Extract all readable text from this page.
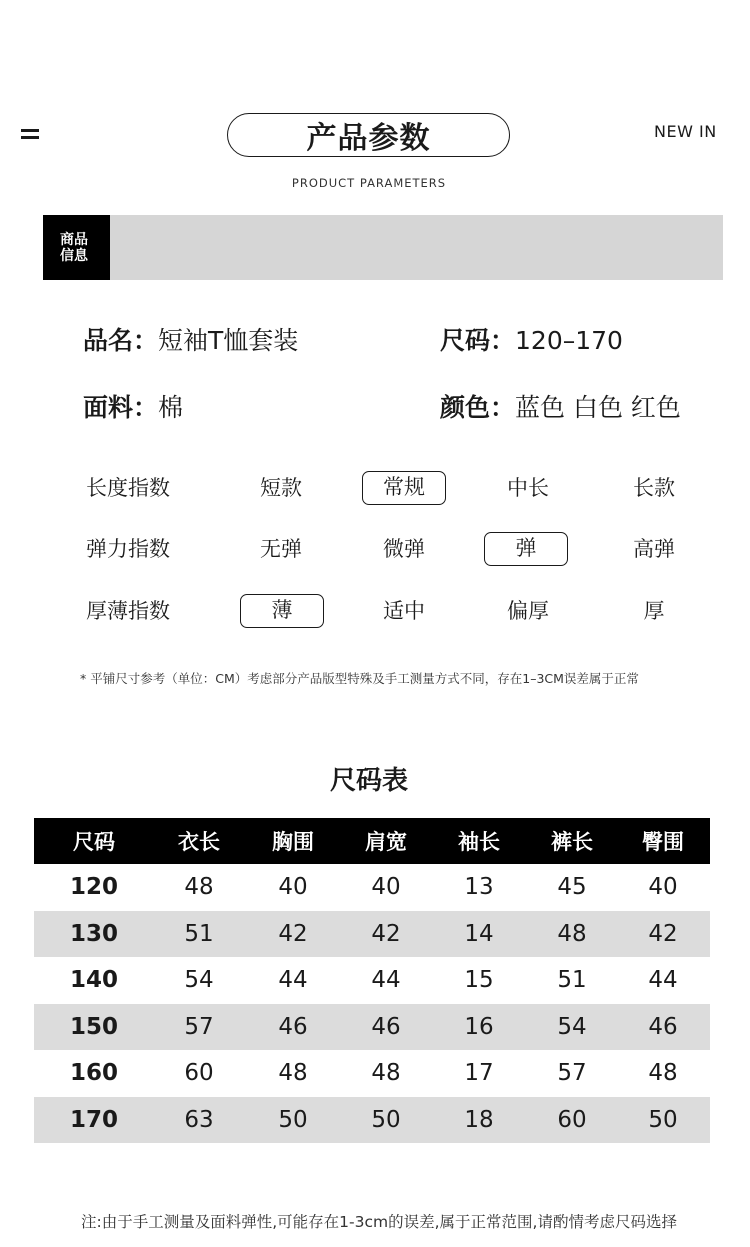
产品参数	NEW IN
PRODUCT PARAMETERS
商品
信息
品名：短袖T恤套装	尺码：120–170
面料：棉	颜色：蓝色 白色 红色
长度指数	短款	常规	中长	长款
弹力指数	无弹	微弹	弹	高弹
厚薄指数	薄	适中	偏厚	厚
* 平铺尺寸参考（单位：CM）考虑部分产品版型特殊及手工测量方式不同，存在1–3CM误差属于正常
尺码表
尺码	衣长	胸围	肩宽	袖长	裤长	臀围
120	48	40	40	13	45	40
130	51	42	42	14	48	42
140	54	44	44	15	51	44
150	57	46	46	16	54	46
160	60	48	48	17	57	48
170	63	50	50	18	60	50
注:由于手工测量及面料弹性,可能存在1-3cm的误差,属于正常范围,请酌情考虑尺码选择
